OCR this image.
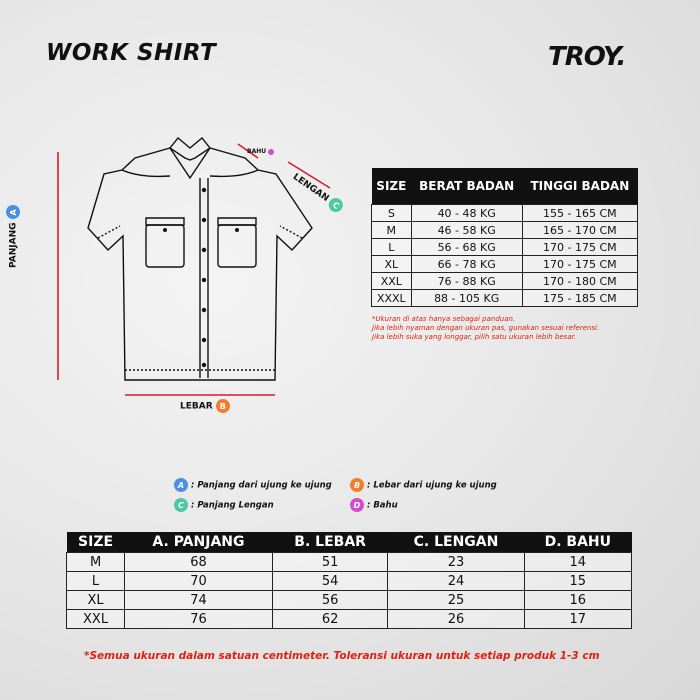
WORK SHIRT	TROY.
PANJANG A
LEBAR B
LENGAN C
BAHU
SIZE	BERAT BADAN	TINGGI BADAN
S	40 - 48 KG	155 - 165 CM
M	46 - 58 KG	165 - 170 CM
L	56 - 68 KG	170 - 175 CM
XL	66 - 78 KG	170 - 175 CM
XXL	76 - 88 KG	170 - 180 CM
XXXL	88 - 105 KG	175 - 185 CM
*Ukuran di atas hanya sebagai panduan.
Jika lebih nyaman dengan ukuran pas, gunakan sesuai referensi.
Jika lebih suka yang longgar, pilih satu ukuran lebih besar.
A : Panjang dari ujung ke ujung	B : Lebar dari ujung ke ujung
C : Panjang Lengan	D : Bahu
SIZE	A. PANJANG	B. LEBAR	C. LENGAN	D. BAHU
M	68	51	23	14
L	70	54	24	15
XL	74	56	25	16
XXL	76	62	26	17
*Semua ukuran dalam satuan centimeter. Toleransi ukuran untuk setiap produk 1-3 cm
